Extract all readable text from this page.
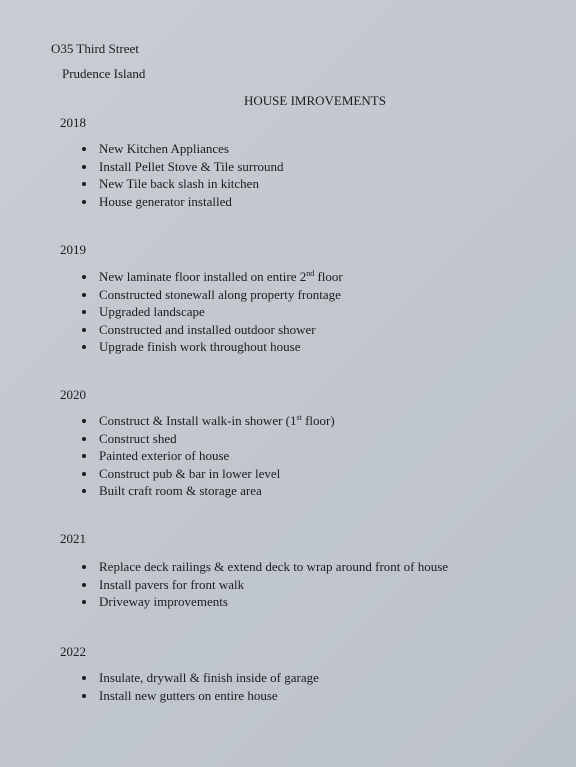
O35 Third Street
Prudence Island
HOUSE IMROVEMENTS
2018
New Kitchen Appliances
Install Pellet Stove & Tile surround
New Tile back slash in kitchen
House generator installed
2019
New laminate floor installed on entire 2nd floor
Constructed stonewall along property frontage
Upgraded landscape
Constructed and installed outdoor shower
Upgrade finish work throughout house
2020
Construct & Install walk-in shower (1st floor)
Construct shed
Painted exterior of house
Construct pub & bar in lower level
Built craft room & storage area
2021
Replace deck railings & extend deck to wrap around front of house
Install pavers for front walk
Driveway improvements
2022
Insulate, drywall & finish inside of garage
Install new gutters on entire house
